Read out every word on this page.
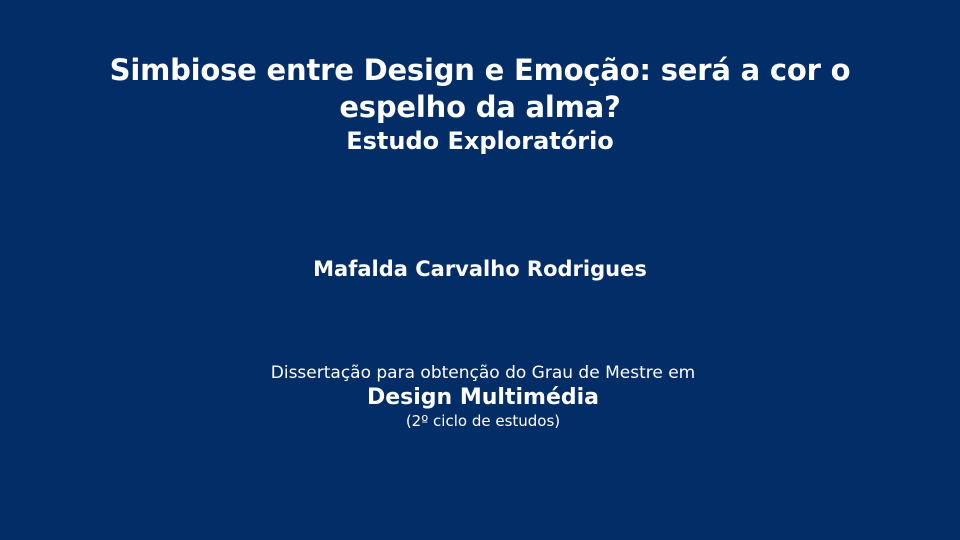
Simbiose entre Design e Emoção: será a cor o
espelho da alma?
Estudo Exploratório
Mafalda Carvalho Rodrigues
Dissertação para obtenção do Grau de Mestre em
Design Multimédia
(2º ciclo de estudos)
